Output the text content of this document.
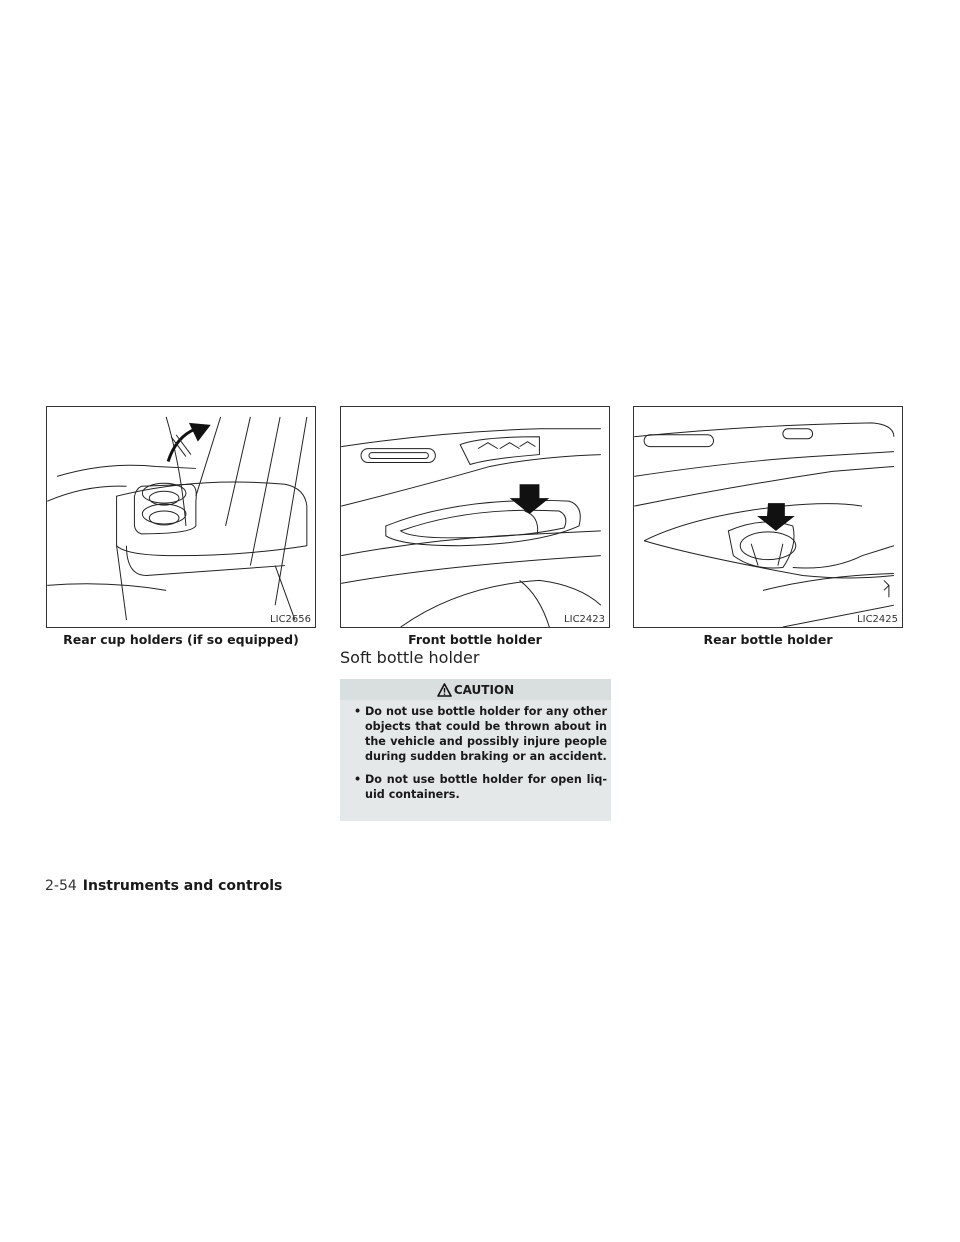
LIC2656
Rear cup holders (if so equipped)
LIC2423
Front bottle holder
LIC2425
Rear bottle holder
Soft bottle holder
CAUTION
• Do not use bottle holder for any other objects that could be thrown about in the vehicle and possibly injure people during sudden braking or an accident.
• Do not use bottle holder for open liq- uid containers.
2-54 Instruments and controls
